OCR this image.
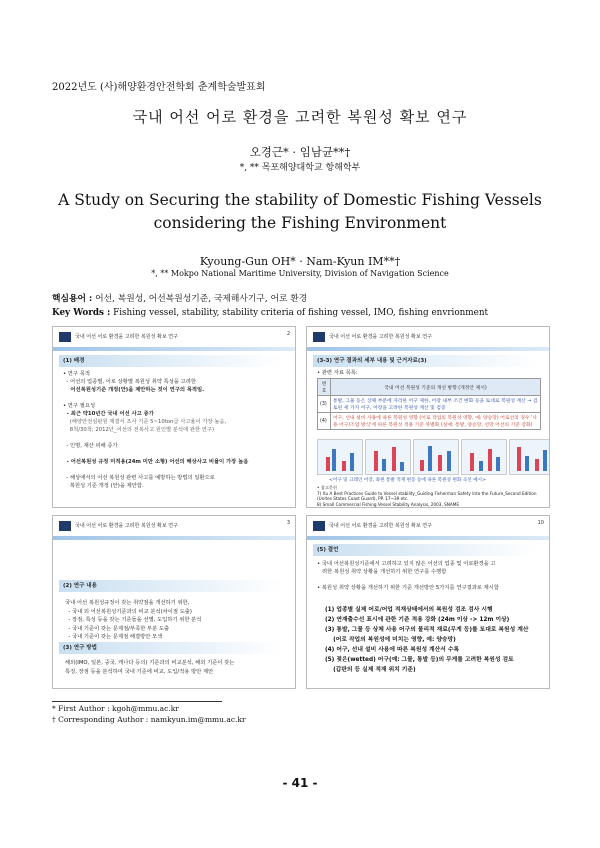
2022년도 (사)해양환경안전학회 춘계학술발표회
국내 어선 어로 환경을 고려한 복원성 확보 연구
오경근* · 임남균**†
*, ** 목포해양대학교 항해학부
A Study on Securing the stability of Domestic Fishing Vessels considering the Fishing Environment
Kyoung-Gun OH* · Nam-Kyun IM**†
*, ** Mokpo National Maritime University, Division of Navigation Science
핵심용어 : 어선, 복원성, 어선복원성기준, 국제해사기구, 어로 환경
Key Words : Fishing vessel, stability, stability criteria of fishing vessel, IMO, fishing envrionment
국내 어선 어로 환경을 고려한 복원성 확보 연구	2
(1) 배경
• 연구 목적
- 어선의 업종별, 어로 상황별 복원성 취약 특성을 고려한
어선복원성기준 개정(안)을 제안하는 것이 연구의 목적임.
• 연구 필요성
- 최근 약10년간 국내 어선 사고 증가
(해양안전심판원 재결서 조사 기준 5~10ton급 사고율이 가장 높음,
8척/30척; 2012년_어선의 전복사고 원인별 분석에 관한 연구)
- 인명, 재산 피해 증가
- 어선복원성 규정 미적용(24m 미만 소형) 어선의 해상사고 비율이 가장 높음
- 해상에서의 어선 복원성 관련 사고를 예방하는 방법의 일환으로
복원성 기준 개정 (안)을 제안함.
국내 어선 어로 환경을 고려한 복원성 확보 연구	3
(2) 연구 내용
국내 어선 복원성규정이 갖는 취약점을 개선하기 위한,
- 국내 외 어선복원성기준과의 비교 분석(차이점 도출)
- 장점, 특성 등을 갖는 기준들을 선별, 도입하기 위한 분석
- 국내 기준이 갖는 문제점/부족한 부분 도출
- 국내 기준이 갖는 문제점 해결방안 모색
(3) 연구 방법
해외(IMO, 일본, 중국, 캐나다 등의) 기준과의 비교분석, 해외 기준이 갖는
특징, 장점 등을 분석하여 국내 기준에 비교, 도입/적용 방안 제안
국내 어선 어로 환경을 고려한 복원성 확보 연구
(3-3) 연구 결과의 세부 내용 및 근거자료(3)
• 관련 자료 목록:
번호	국내 어선 복원성 기준의 개선 방향 (개정안 제시)
(3)	통발, 그물 등은 상체 부분에 자리한 어구 제한, 어장 내부 조건 변화 등을 토대로 복원성 계산 → 검토된 세 가지 어구, 어장을 고려한 복원성 계산 및 검증
(4)	어구, 선내 설비 사용에 따른 복원성 영향 (어로 작업의 복원성 영향, 예: 양승망) 어로선의 경우 '사용 어구/조업 방식'에 따른 복원성 적용 기준 차별화 (실예: 통발, 양승망, 선망 어선의 기준 강화)
<어구 및 크레인 어장, 좌현 통발 적재 변동 등에 따른 복원성 변화 곡선 예시>
• 참고문헌
7) Xu A Best Practices Guide to Vessel stability_Guiding Fisherman Safety Into the Future_Second Edition
(Unites States Coast Guard), PP. 17~39 etc.
8) Small Commercial Fishing Vessel Stability Analysis, 2003, SNAME
국내 어선 어로 환경을 고려한 복원성 확보 연구	10
(5) 결언
• 국내 어선복원성기준에서 고려하고 있지 않은 어선의 업종 및 어로환경을 고
려한 복원성 취약 상황을 개선하기 위한 연구를 수행함
• 복원성 취약 상황을 개선하기 위한 기준 개선방안 5가지를 연구결과로 제시함
(1) 업종별 실제 어로/어업 적재상태에서의 복원성 검조 검사 시행
(2) 연재출수선 표시에 관한 기준 적용 강화 (24m 이상 -> 12m 이상)
(3) 통발, 그물 등 상체 사용 어구의 물리적 재료(무게 등)를 토대로 복원성 계산
(어로 작업의 복원성에 미치는 영향, 예: 양승망)
(4) 어구, 선내 설비 사용에 따른 복원성 계산서 수록
(5) 젖은(wetted) 어구(예: 그물, 통발 등)의 무게를 고려한 복원성 검토
(갑판의 등 실제 적재 위치 기준)
* First Author : kgoh@mmu.ac.kr
† Corresponding Author : namkyun.im@mmu.ac.kr
- 41 -
